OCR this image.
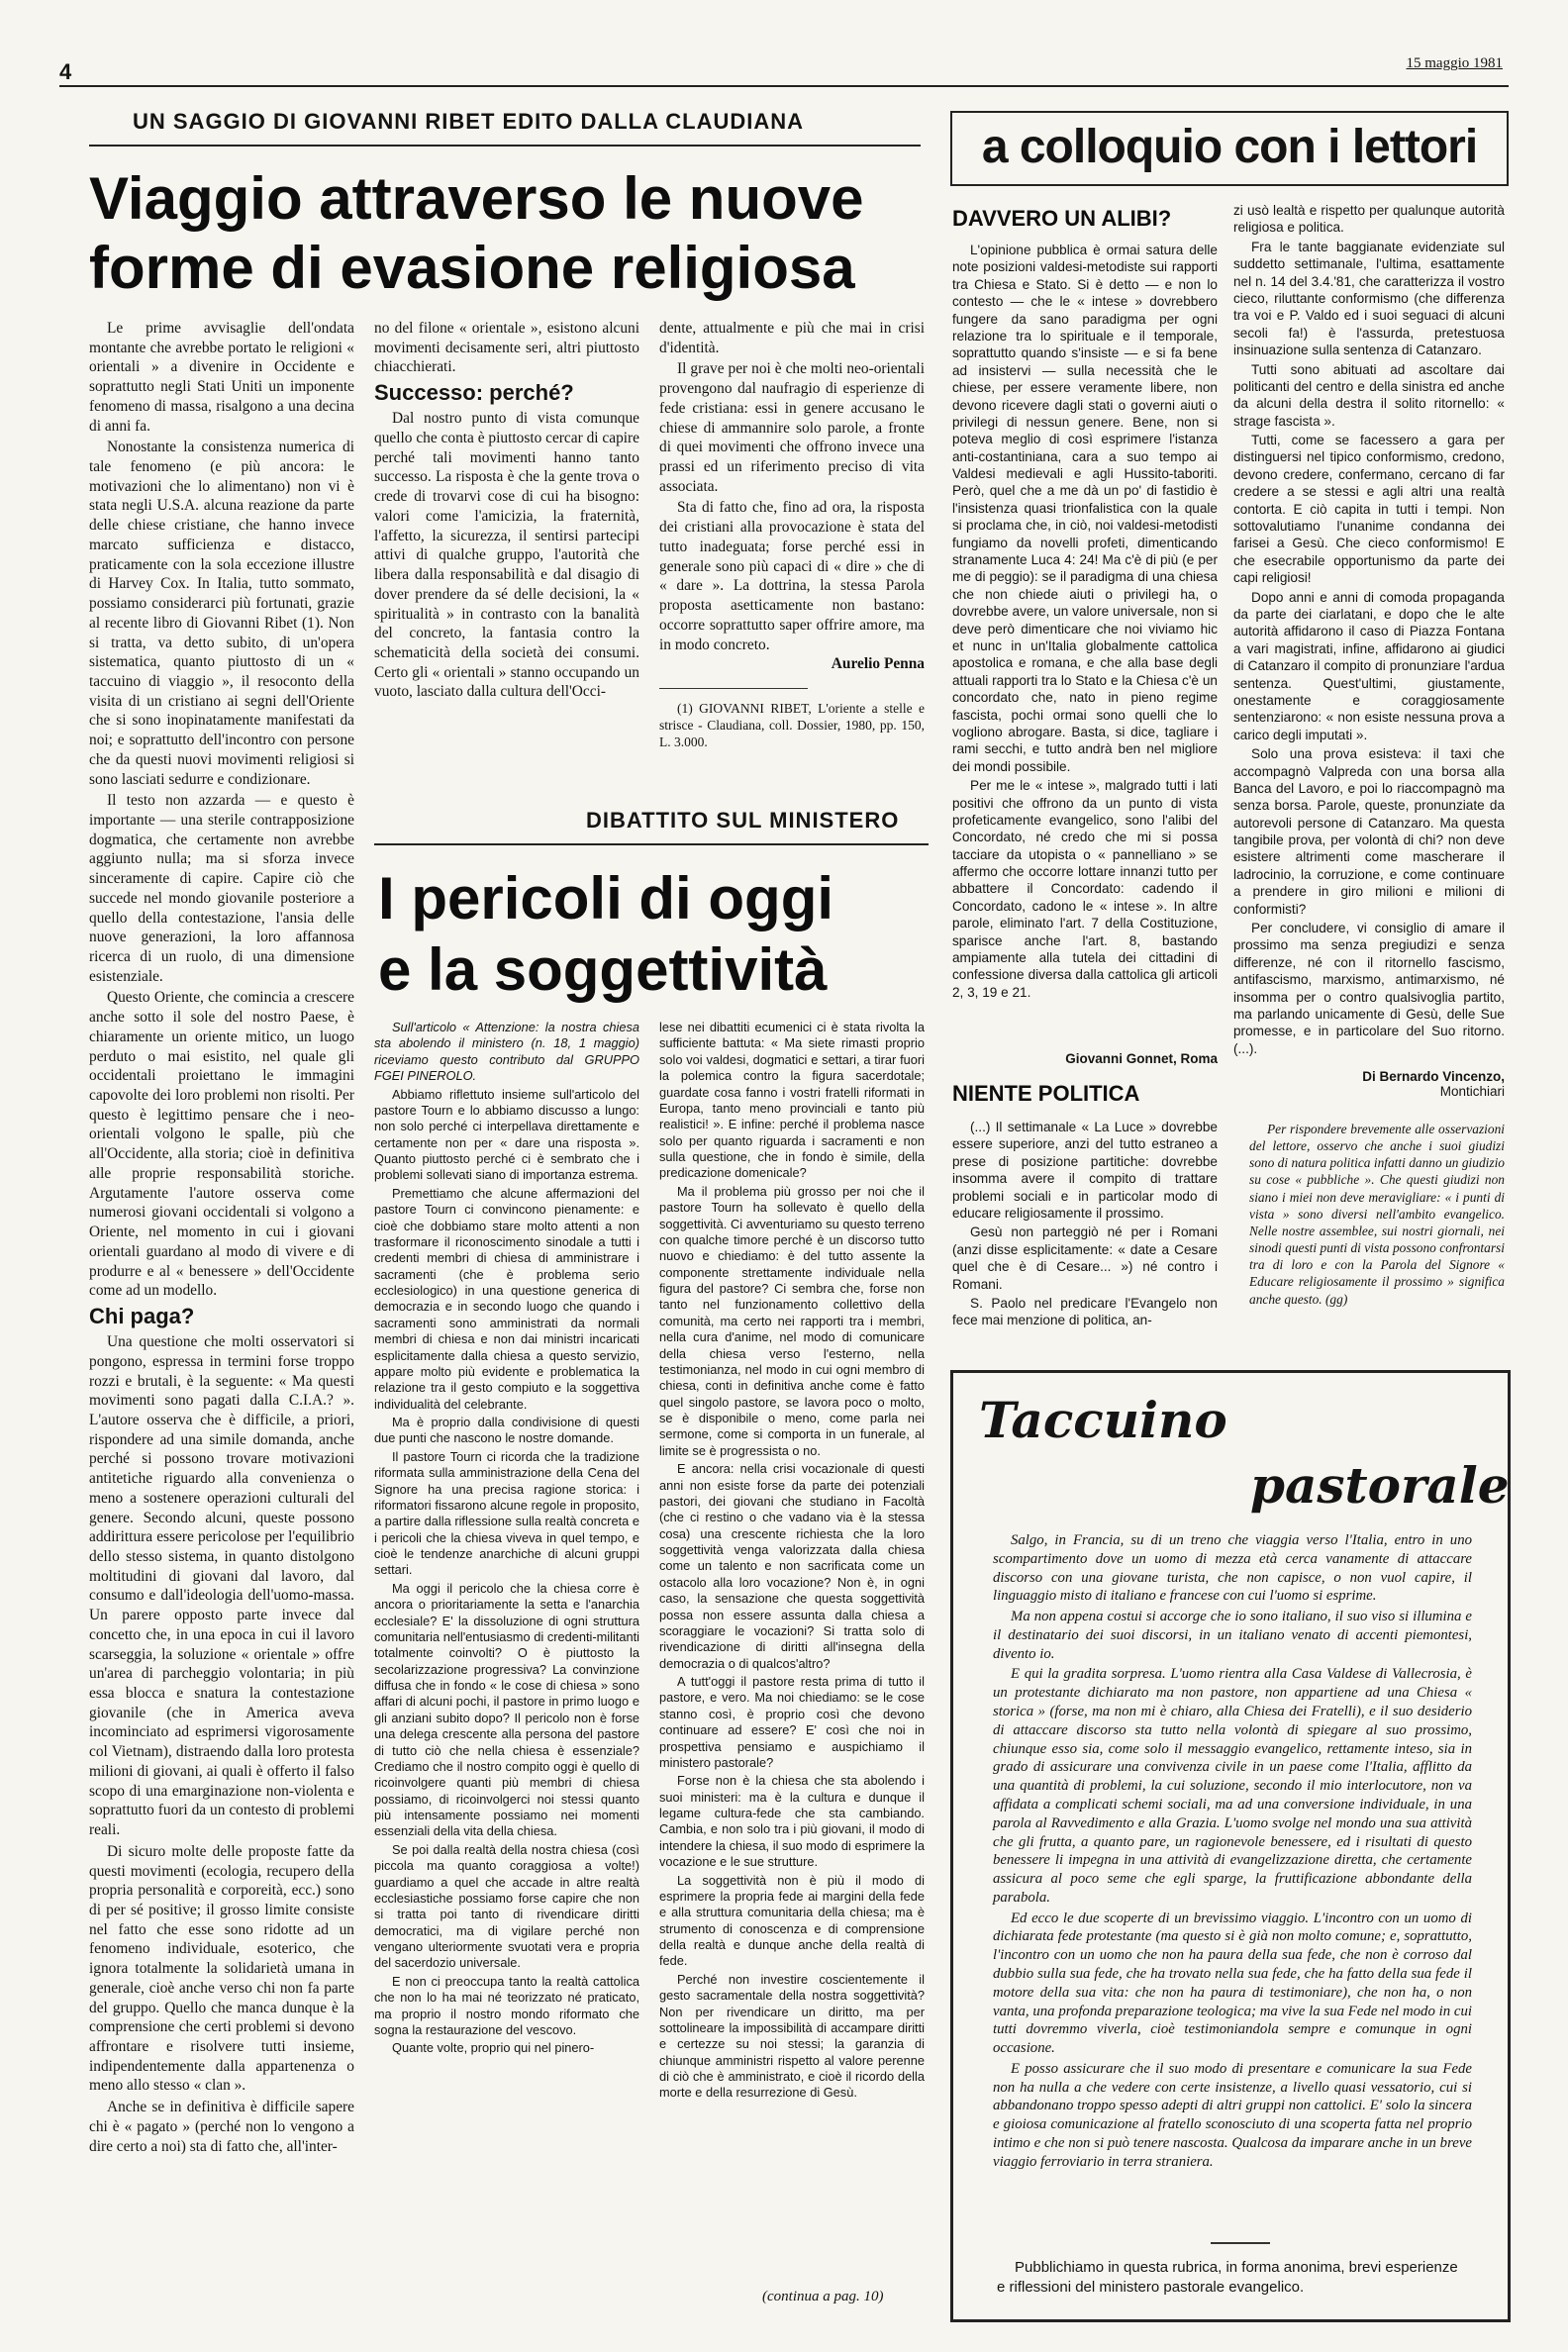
4	15 maggio 1981
UN SAGGIO DI GIOVANNI RIBET EDITO DALLA CLAUDIANA
Viaggio attraverso le nuove
forme di evasione religiosa

Le prime avvisaglie dell'ondata montante che avrebbe portato le religioni « orientali » a divenire in Occidente e soprattutto negli Stati Uniti un imponente fenomeno di massa, risalgono a una decina di anni fa.

Nonostante la consistenza numerica di tale fenomeno (e più ancora: le motivazioni che lo alimentano) non vi è stata negli U.S.A. alcuna reazione da parte delle chiese cristiane, che hanno invece marcato sufficienza e distacco, praticamente con la sola eccezione illustre di Harvey Cox. In Italia, tutto sommato, possiamo considerarci più fortunati, grazie al recente libro di Giovanni Ribet (1). Non si tratta, va detto subito, di un'opera sistematica, quanto piuttosto di un « taccuino di viaggio », il resoconto della visita di un cristiano ai segni dell'Oriente che si sono inopinatamente manifestati da noi; e soprattutto dell'incontro con persone che da questi nuovi movimenti religiosi si sono lasciati sedurre e condizionare.

Il testo non azzarda — e questo è importante — una sterile contrapposizione dogmatica, che certamente non avrebbe aggiunto nulla; ma si sforza invece sinceramente di capire. Capire ciò che succede nel mondo giovanile posteriore a quello della contestazione, l'ansia delle nuove generazioni, la loro affannosa ricerca di un ruolo, di una dimensione esistenziale.

Questo Oriente, che comincia a crescere anche sotto il sole del nostro Paese, è chiaramente un oriente mitico, un luogo perduto o mai esistito, nel quale gli occidentali proiettano le immagini capovolte dei loro problemi non risolti. Per questo è legittimo pensare che i neo-orientali volgono le spalle, più che all'Occidente, alla storia; cioè in definitiva alle proprie responsabilità storiche. Argutamente l'autore osserva come numerosi giovani occidentali si volgono a Oriente, nel momento in cui i giovani orientali guardano al modo di vivere e di produrre e al « benessere » dell'Occidente come ad un modello.

Chi paga?

Una questione che molti osservatori si pongono, espressa in termini forse troppo rozzi e brutali, è la seguente: « Ma questi movimenti sono pagati dalla C.I.A.? ». L'autore osserva che è difficile, a priori, rispondere ad una simile domanda, anche perché si possono trovare motivazioni antitetiche riguardo alla convenienza o meno a sostenere operazioni culturali del genere. Secondo alcuni, queste possono addirittura essere pericolose per l'equilibrio dello stesso sistema, in quanto distolgono moltitudini di giovani dal lavoro, dal consumo e dall'ideologia dell'uomo-massa. Un parere opposto parte invece dal concetto che, in una epoca in cui il lavoro scarseggia, la soluzione « orientale » offre un'area di parcheggio volontaria; in più essa blocca e snatura la contestazione giovanile (che in America aveva incominciato ad esprimersi vigorosamente col Vietnam), distraendo dalla loro protesta milioni di giovani, ai quali è offerto il falso scopo di una emarginazione non-violenta e soprattutto fuori da un contesto di problemi reali.

Di sicuro molte delle proposte fatte da questi movimenti (ecologia, recupero della propria personalità e corporeità, ecc.) sono di per sé positive; il grosso limite consiste nel fatto che esse sono ridotte ad un fenomeno individuale, esoterico, che ignora totalmente la solidarietà umana in generale, cioè anche verso chi non fa parte del gruppo. Quello che manca dunque è la comprensione che certi problemi si devono affrontare e risolvere tutti insieme, indipendentemente dalla appartenenza o meno allo stesso « clan ».

Anche se in definitiva è difficile sapere chi è « pagato » (perché non lo vengono a dire certo a noi) sta di fatto che, all'inter-

no del filone « orientale », esistono alcuni movimenti decisamente seri, altri piuttosto chiacchierati.

Successo: perché?

Dal nostro punto di vista comunque quello che conta è piuttosto cercar di capire perché tali movimenti hanno tanto successo. La risposta è che la gente trova o crede di trovarvi cose di cui ha bisogno: valori come l'amicizia, la fraternità, l'affetto, la sicurezza, il sentirsi partecipi attivi di qualche gruppo, l'autorità che libera dalla responsabilità e dal disagio di dover prendere da sé delle decisioni, la « spiritualità » in contrasto con la banalità del concreto, la fantasia contro la schematicità della società dei consumi. Certo gli « orientali » stanno occupando un vuoto, lasciato dalla cultura dell'Occi-

dente, attualmente e più che mai in crisi d'identità.

Il grave per noi è che molti neo-orientali provengono dal naufragio di esperienze di fede cristiana: essi in genere accusano le chiese di ammannire solo parole, a fronte di quei movimenti che offrono invece una prassi ed un riferimento preciso di vita associata.

Sta di fatto che, fino ad ora, la risposta dei cristiani alla provocazione è stata del tutto inadeguata; forse perché essi in generale sono più capaci di « dire » che di « dare ». La dottrina, la stessa Parola proposta asetticamente non bastano: occorre soprattutto saper offrire amore, ma in modo concreto.

Aurelio Penna

(1) GIOVANNI RIBET, L'oriente a stelle e strisce - Claudiana, coll. Dossier, 1980, pp. 150, L. 3.000.

DIBATTITO SUL MINISTERO
I pericoli di oggi
e la soggettività

Sull'articolo « Attenzione: la nostra chiesa sta abolendo il ministero (n. 18, 1 maggio) riceviamo questo contributo dal GRUPPO FGEI PINEROLO.

Abbiamo riflettuto insieme sull'articolo del pastore Tourn e lo abbiamo discusso a lungo: non solo perché ci interpellava direttamente e certamente non per « dare una risposta ». Quanto piuttosto perché ci è sembrato che i problemi sollevati siano di importanza estrema.

Premettiamo che alcune affermazioni del pastore Tourn ci convincono pienamente: e cioè che dobbiamo stare molto attenti a non trasformare il riconoscimento sinodale a tutti i credenti membri di chiesa di amministrare i sacramenti (che è problema serio ecclesiologico) in una questione generica di democrazia e in secondo luogo che quando i sacramenti sono amministrati da normali membri di chiesa e non dai ministri incaricati esplicitamente dalla chiesa a questo servizio, appare molto più evidente e problematica la relazione tra il gesto compiuto e la soggettiva individualità del celebrante.

Ma è proprio dalla condivisione di questi due punti che nascono le nostre domande.

Il pastore Tourn ci ricorda che la tradizione riformata sulla amministrazione della Cena del Signore ha una precisa ragione storica: i riformatori fissarono alcune regole in proposito, a partire dalla riflessione sulla realtà concreta e i pericoli che la chiesa viveva in quel tempo, e cioè le tendenze anarchiche di alcuni gruppi settari.

Ma oggi il pericolo che la chiesa corre è ancora o prioritariamente la setta e l'anarchia ecclesiale? E' la dissoluzione di ogni struttura comunitaria nell'entusiasmo di credenti-militanti totalmente coinvolti? O è piuttosto la secolarizzazione progressiva? La convinzione diffusa che in fondo « le cose di chiesa » sono affari di alcuni pochi, il pastore in primo luogo e gli anziani subito dopo? Il pericolo non è forse una delega crescente alla persona del pastore di tutto ciò che nella chiesa è essenziale? Crediamo che il nostro compito oggi è quello di ricoinvolgere quanti più membri di chiesa possiamo, di ricoinvolgerci noi stessi quanto più intensamente possiamo nei momenti essenziali della vita della chiesa.

Se poi dalla realtà della nostra chiesa (così piccola ma quanto coraggiosa a volte!) guardiamo a quel che accade in altre realtà ecclesiastiche possiamo forse capire che non si tratta poi tanto di rivendicare diritti democratici, ma di vigilare perché non vengano ulteriormente svuotati vera e propria del sacerdozio universale.

E non ci preoccupa tanto la realtà cattolica che non lo ha mai né teorizzato né praticato, ma proprio il nostro mondo riformato che sogna la restaurazione del vescovo.

Quante volte, proprio qui nel pinero-

lese nei dibattiti ecumenici ci è stata rivolta la sufficiente battuta: « Ma siete rimasti proprio solo voi valdesi, dogmatici e settari, a tirar fuori la polemica contro la figura sacerdotale; guardate cosa fanno i vostri fratelli riformati in Europa, tanto meno provinciali e tanto più realistici! ». E infine: perché il problema nasce solo per quanto riguarda i sacramenti e non sulla questione, che in fondo è simile, della predicazione domenicale?

Ma il problema più grosso per noi che il pastore Tourn ha sollevato è quello della soggettività. Ci avventuriamo su questo terreno con qualche timore perché è un discorso tutto nuovo e chiediamo: è del tutto assente la componente strettamente individuale nella figura del pastore? Ci sembra che, forse non tanto nel funzionamento collettivo della comunità, ma certo nei rapporti tra i membri, nella cura d'anime, nel modo di comunicare della chiesa verso l'esterno, nella testimonianza, nel modo in cui ogni membro di chiesa, conti in definitiva anche come è fatto quel singolo pastore, se lavora poco o molto, se è disponibile o meno, come parla nei sermone, come si comporta in un funerale, al limite se è progressista o no.

E ancora: nella crisi vocazionale di questi anni non esiste forse da parte dei potenziali pastori, dei giovani che studiano in Facoltà (che ci restino o che vadano via è la stessa cosa) una crescente richiesta che la loro soggettività venga valorizzata dalla chiesa come un talento e non sacrificata come un ostacolo alla loro vocazione? Non è, in ogni caso, la sensazione che questa soggettività possa non essere assunta dalla chiesa a scoraggiare le vocazioni? Si tratta solo di rivendicazione di diritti all'insegna della democrazia o di qualcos'altro?

A tutt'oggi il pastore resta prima di tutto il pastore, e vero. Ma noi chiediamo: se le cose stanno così, è proprio così che devono continuare ad essere? E' così che noi in prospettiva pensiamo e auspichiamo il ministero pastorale?

Forse non è la chiesa che sta abolendo i suoi ministeri: ma è la cultura e dunque il legame cultura-fede che sta cambiando. Cambia, e non solo tra i più giovani, il modo di intendere la chiesa, il suo modo di esprimere la vocazione e le sue strutture.

La soggettività non è più il modo di esprimere la propria fede ai margini della fede e alla struttura comunitaria della chiesa; ma è strumento di conoscenza e di comprensione della realtà e dunque anche della realtà di fede.

Perché non investire coscientemente il gesto sacramentale della nostra soggettività? Non per rivendicare un diritto, ma per sottolineare la impossibilità di accampare diritti e certezze su noi stessi; la garanzia di chiunque amministri rispetto al valore perenne di ciò che è amministrato, e cioè il ricordo della morte e della resurrezione di Gesù.

(continua a pag. 10)
a colloquio con i lettori
DAVVERO UN ALIBI?

L'opinione pubblica è ormai satura delle note posizioni valdesi-metodiste sui rapporti tra Chiesa e Stato. Si è detto — e non lo contesto — che le « intese » dovrebbero fungere da sano paradigma per ogni relazione tra lo spirituale e il temporale, soprattutto quando s'insiste — e si fa bene ad insistervi — sulla necessità che le chiese, per essere veramente libere, non devono ricevere dagli stati o governi aiuti o privilegi di nessun genere. Bene, non si poteva meglio di così esprimere l'istanza anti-costantiniana, cara a suo tempo ai Valdesi medievali e agli Hussito-taboriti. Però, quel che a me dà un po' di fastidio è l'insistenza quasi trionfalistica con la quale si proclama che, in ciò, noi valdesi-metodisti fungiamo da novelli profeti, dimenticando stranamente Luca 4: 24! Ma c'è di più (e per me di peggio): se il paradigma di una chiesa che non chiede aiuti o privilegi ha, o dovrebbe avere, un valore universale, non si deve però dimenticare che noi viviamo hic et nunc in un'Italia globalmente cattolica apostolica e romana, e che alla base degli attuali rapporti tra lo Stato e la Chiesa c'è un concordato che, nato in pieno regime fascista, pochi ormai sono quelli che lo vogliono abrogare. Basta, si dice, tagliare i rami secchi, e tutto andrà ben nel migliore dei mondi possibile.

Per me le « intese », malgrado tutti i lati positivi che offrono da un punto di vista profeticamente evangelico, sono l'alibi del Concordato, né credo che mi si possa tacciare da utopista o « pannelliano » se affermo che occorre lottare innanzi tutto per abbattere il Concordato: cadendo il Concordato, cadono le « intese ». In altre parole, eliminato l'art. 7 della Costituzione, sparisce anche l'art. 8, bastando ampiamente alla tutela dei cittadini di confessione diversa dalla cattolica gli articoli 2, 3, 19 e 21.

Giovanni Gonnet, Roma
NIENTE POLITICA

(...) Il settimanale « La Luce » dovrebbe essere superiore, anzi del tutto estraneo a prese di posizione partitiche: dovrebbe insomma avere il compito di trattare problemi sociali e in particolar modo di educare religiosamente il prossimo.

Gesù non parteggiò né per i Romani (anzi disse esplicitamente: « date a Cesare quel che è di Cesare... ») né contro i Romani.

S. Paolo nel predicare l'Evangelo non fece mai menzione di politica, an-

zi usò lealtà e rispetto per qualunque autorità religiosa e politica.

Fra le tante baggianate evidenziate sul suddetto settimanale, l'ultima, esattamente nel n. 14 del 3.4.'81, che caratterizza il vostro cieco, riluttante conformismo (che differenza tra voi e P. Valdo ed i suoi seguaci di alcuni secoli fa!) è l'assurda, pretestuosa insinuazione sulla sentenza di Catanzaro.

Tutti sono abituati ad ascoltare dai politicanti del centro e della sinistra ed anche da alcuni della destra il solito ritornello: « strage fascista ».

Tutti, come se facessero a gara per distinguersi nel tipico conformismo, credono, devono credere, confermano, cercano di far credere a se stessi e agli altri una realtà contorta. E ciò capita in tutti i tempi. Non sottovalutiamo l'unanime condanna dei farisei a Gesù. Che cieco conformismo! E che esecrabile opportunismo da parte dei capi religiosi!

Dopo anni e anni di comoda propaganda da parte dei ciarlatani, e dopo che le alte autorità affidarono il caso di Piazza Fontana a vari magistrati, infine, affidarono ai giudici di Catanzaro il compito di pronunziare l'ardua sentenza. Quest'ultimi, giustamente, onestamente e coraggiosamente sentenziarono: « non esiste nessuna prova a carico degli imputati ».

Solo una prova esisteva: il taxi che accompagnò Valpreda con una borsa alla Banca del Lavoro, e poi lo riaccompagnò ma senza borsa. Parole, queste, pronunziate da autorevoli persone di Catanzaro. Ma questa tangibile prova, per volontà di chi? non deve esistere altrimenti come mascherare il ladrocinio, la corruzione, e come continuare a prendere in giro milioni e milioni di conformisti?

Per concludere, vi consiglio di amare il prossimo ma senza pregiudizi e senza differenze, né con il ritornello fascismo, antifascismo, marxismo, antimarxismo, né insomma per o contro qualsivoglia partito, ma parlando unicamente di Gesù, delle Sue promesse, e in particolare del Suo ritorno. (...).

Di Bernardo Vincenzo,
Montichiari

Per rispondere brevemente alle osservazioni del lettore, osservo che anche i suoi giudizi sono di natura politica infatti danno un giudizio su cose « pubbliche ». Che questi giudizi non siano i miei non deve meravigliare: « i punti di vista » sono diversi nell'ambito evangelico. Nelle nostre assemblee, sui nostri giornali, nei sinodi questi punti di vista possono confrontarsi tra di loro e con la Parola del Signore « Educare religiosamente il prossimo » significa anche questo. (gg)

Taccuino
pastorale

Salgo, in Francia, su di un treno che viaggia verso l'Italia, entro in uno scompartimento dove un uomo di mezza età cerca vanamente di attaccare discorso con una giovane turista, che non capisce, o non vuol capire, il linguaggio misto di italiano e francese con cui l'uomo si esprime.

Ma non appena costui si accorge che io sono italiano, il suo viso si illumina e il destinatario dei suoi discorsi, in un italiano venato di accenti piemontesi, divento io.

E qui la gradita sorpresa. L'uomo rientra alla Casa Valdese di Vallecrosia, è un protestante dichiarato ma non pastore, non appartiene ad una Chiesa « storica » (forse, ma non mi è chiaro, alla Chiesa dei Fratelli), e il suo desiderio di attaccare discorso sta tutto nella volontà di spiegare al suo prossimo, chiunque esso sia, come solo il messaggio evangelico, rettamente inteso, sia in grado di assicurare una convivenza civile in un paese come l'Italia, afflitto da una quantità di problemi, la cui soluzione, secondo il mio interlocutore, non va affidata a complicati schemi sociali, ma ad una conversione individuale, in una parola al Ravvedimento e alla Grazia. L'uomo svolge nel mondo una sua attività che gli frutta, a quanto pare, un ragionevole benessere, ed i risultati di questo benessere li impegna in una attività di evangelizzazione diretta, che certamente assicura al poco seme che egli sparge, la fruttificazione abbondante della parabola.

Ed ecco le due scoperte di un brevissimo viaggio. L'incontro con un uomo di dichiarata fede protestante (ma questo si è già non molto comune; e, soprattutto, l'incontro con un uomo che non ha paura della sua fede, che non è corroso dal dubbio sulla sua fede, che ha trovato nella sua fede, che ha fatto della sua fede il motore della sua vita: che non ha paura di testimoniare), che non ha, o non vanta, una profonda preparazione teologica; ma vive la sua Fede nel modo in cui tutti dovremmo viverla, cioè testimoniandola sempre e comunque in ogni occasione.

E posso assicurare che il suo modo di presentare e comunicare la sua Fede non ha nulla a che vedere con certe insistenze, a livello quasi vessatorio, cui si abbandonano troppo spesso adepti di altri gruppi non cattolici. E' solo la sincera e gioiosa comunicazione al fratello sconosciuto di una scoperta fatta nel proprio intimo e che non si può tenere nascosta. Qualcosa da imparare anche in un breve viaggio ferroviario in terra straniera.

Pubblichiamo in questa rubrica, in forma anonima, brevi esperienze e riflessioni del ministero pastorale evangelico.
